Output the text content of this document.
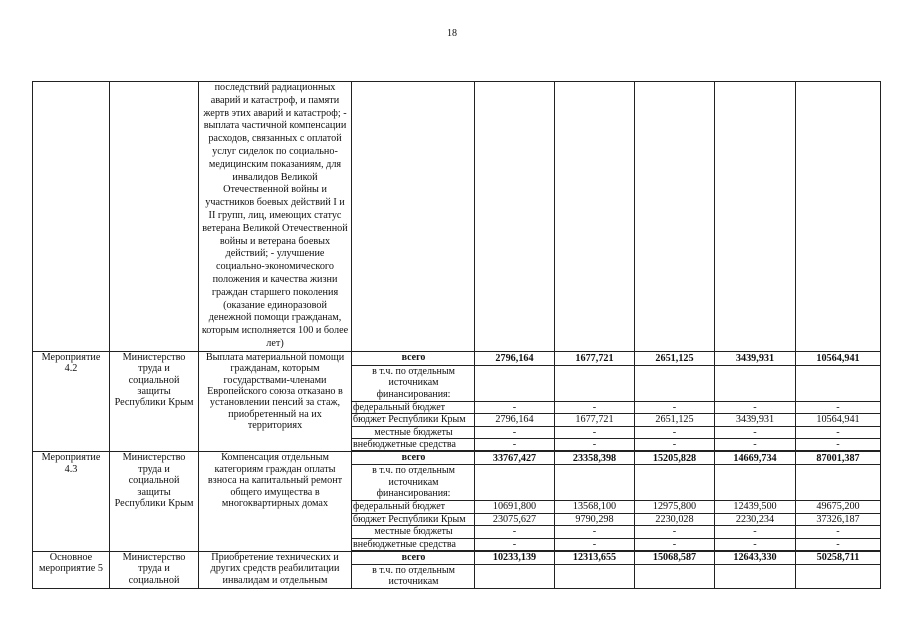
18
		последствий радиационных аварий и катастроф, и памяти жертв этих аварий и катастроф; - выплата частичной компенсации расходов, связанных с оплатой услуг сиделок по социально-медицинским показаниям, для инвалидов Великой Отечественной войны и участников боевых действий I и II групп, лиц, имеющих статус ветерана Великой Отечественной войны и ветерана боевых действий; - улучшение социально-экономического положения и качества жизни граждан старшего поколения (оказание единоразовой денежной помощи гражданам, которым исполняется 100 и более лет)						
Мероприятие 4.2	Министерство труда и социальной защиты Республики Крым	Выплата материальной помощи гражданам, которым государствами-членами Европейского союза отказано в установлении пенсий за стаж, приобретенный на их территориях	всего	2796,164	1677,721	2651,125	3439,931	10564,941
			в т.ч. по отдельным источникам финансирования:					
			федеральный бюджет	-	-	-	-	-
			бюджет Республики Крым	2796,164	1677,721	2651,125	3439,931	10564,941
			местные бюджеты	-	-	-	-	-
			внебюджетные средства	-	-	-	-	-

Мероприятие 4.3	Министерство труда и социальной защиты Республики Крым	Компенсация отдельным категориям граждан оплаты взноса на капитальный ремонт общего имущества в многоквартирных домах	всего	33767,427	23358,398	15205,828	14669,734	87001,387
			в т.ч. по отдельным источникам финансирования:					
			федеральный бюджет	10691,800	13568,100	12975,800	12439,500	49675,200
			бюджет Республики Крым	23075,627	9790,298	2230,028	2230,234	37326,187
			местные бюджеты	-	-	-	-	-
			внебюджетные средства	-	-	-	-	-

Основное мероприятие 5	Министерство труда и социальной	Приобретение технических и других средств реабилитации инвалидам и отдельным	всего	10233,139	12313,655	15068,587	12643,330	50258,711
			в т.ч. по отдельным источникам					
